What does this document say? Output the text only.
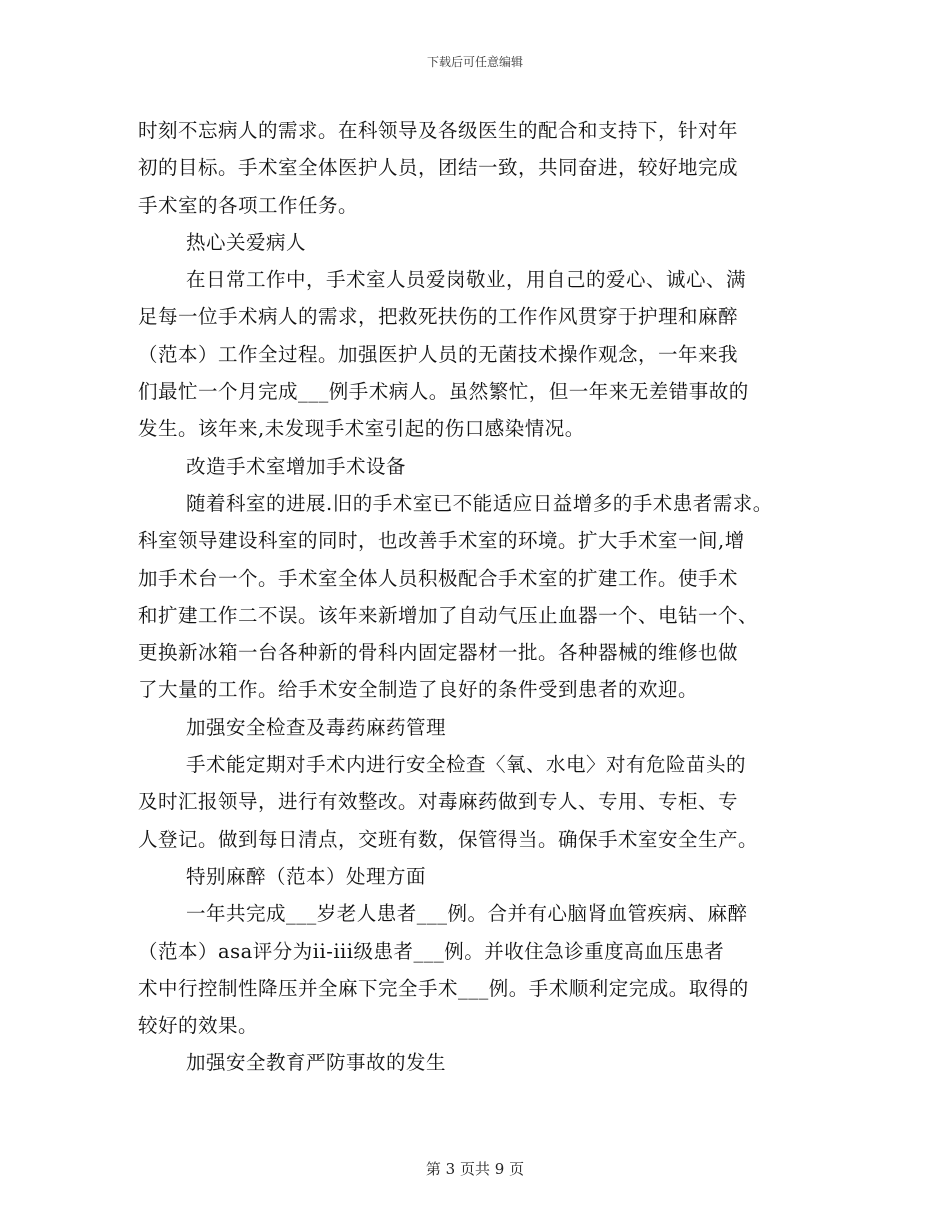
下载后可任意编辑
时刻不忘病人的需求。在科领导及各级医生的配合和支持下，针对年
初的目标。手术室全体医护人员，团结一致，共同奋进，较好地完成
手术室的各项工作任务。
热心关爱病人
在日常工作中，手术室人员爱岗敬业，用自己的爱心、诚心、满
足每一位手术病人的需求，把救死扶伤的工作作风贯穿于护理和麻醉
（范本）工作全过程。加强医护人员的无菌技术操作观念，一年来我
们最忙一个月完成___例手术病人。虽然繁忙，但一年来无差错事故的
发生。该年来,未发现手术室引起的伤口感染情况。
改造手术室增加手术设备
随着科室的进展.旧的手术室已不能适应日益增多的手术患者需求。
科室领导建设科室的同时，也改善手术室的环境。扩大手术室一间,增
加手术台一个。手术室全体人员积极配合手术室的扩建工作。使手术
和扩建工作二不误。该年来新增加了自动气压止血器一个、电钻一个、
更换新冰箱一台各种新的骨科内固定器材一批。各种器械的维修也做
了大量的工作。给手术安全制造了良好的条件受到患者的欢迎。
加强安全检查及毒药麻药管理
手术能定期对手术内进行安全检查〈氧、水电〉对有危险苗头的
及时汇报领导，进行有效整改。对毒麻药做到专人、专用、专柜、专
人登记。做到每日清点，交班有数，保管得当。确保手术室安全生产。
特别麻醉（范本）处理方面
一年共完成___岁老人患者___例。合并有心脑肾血管疾病、麻醉
（范本）asa评分为ii-iii级患者___例。并收住急诊重度高血压患者
术中行控制性降压并全麻下完全手术___例。手术顺利定完成。取得的
较好的效果。
加强安全教育严防事故的发生
第 3 页共 9 页
